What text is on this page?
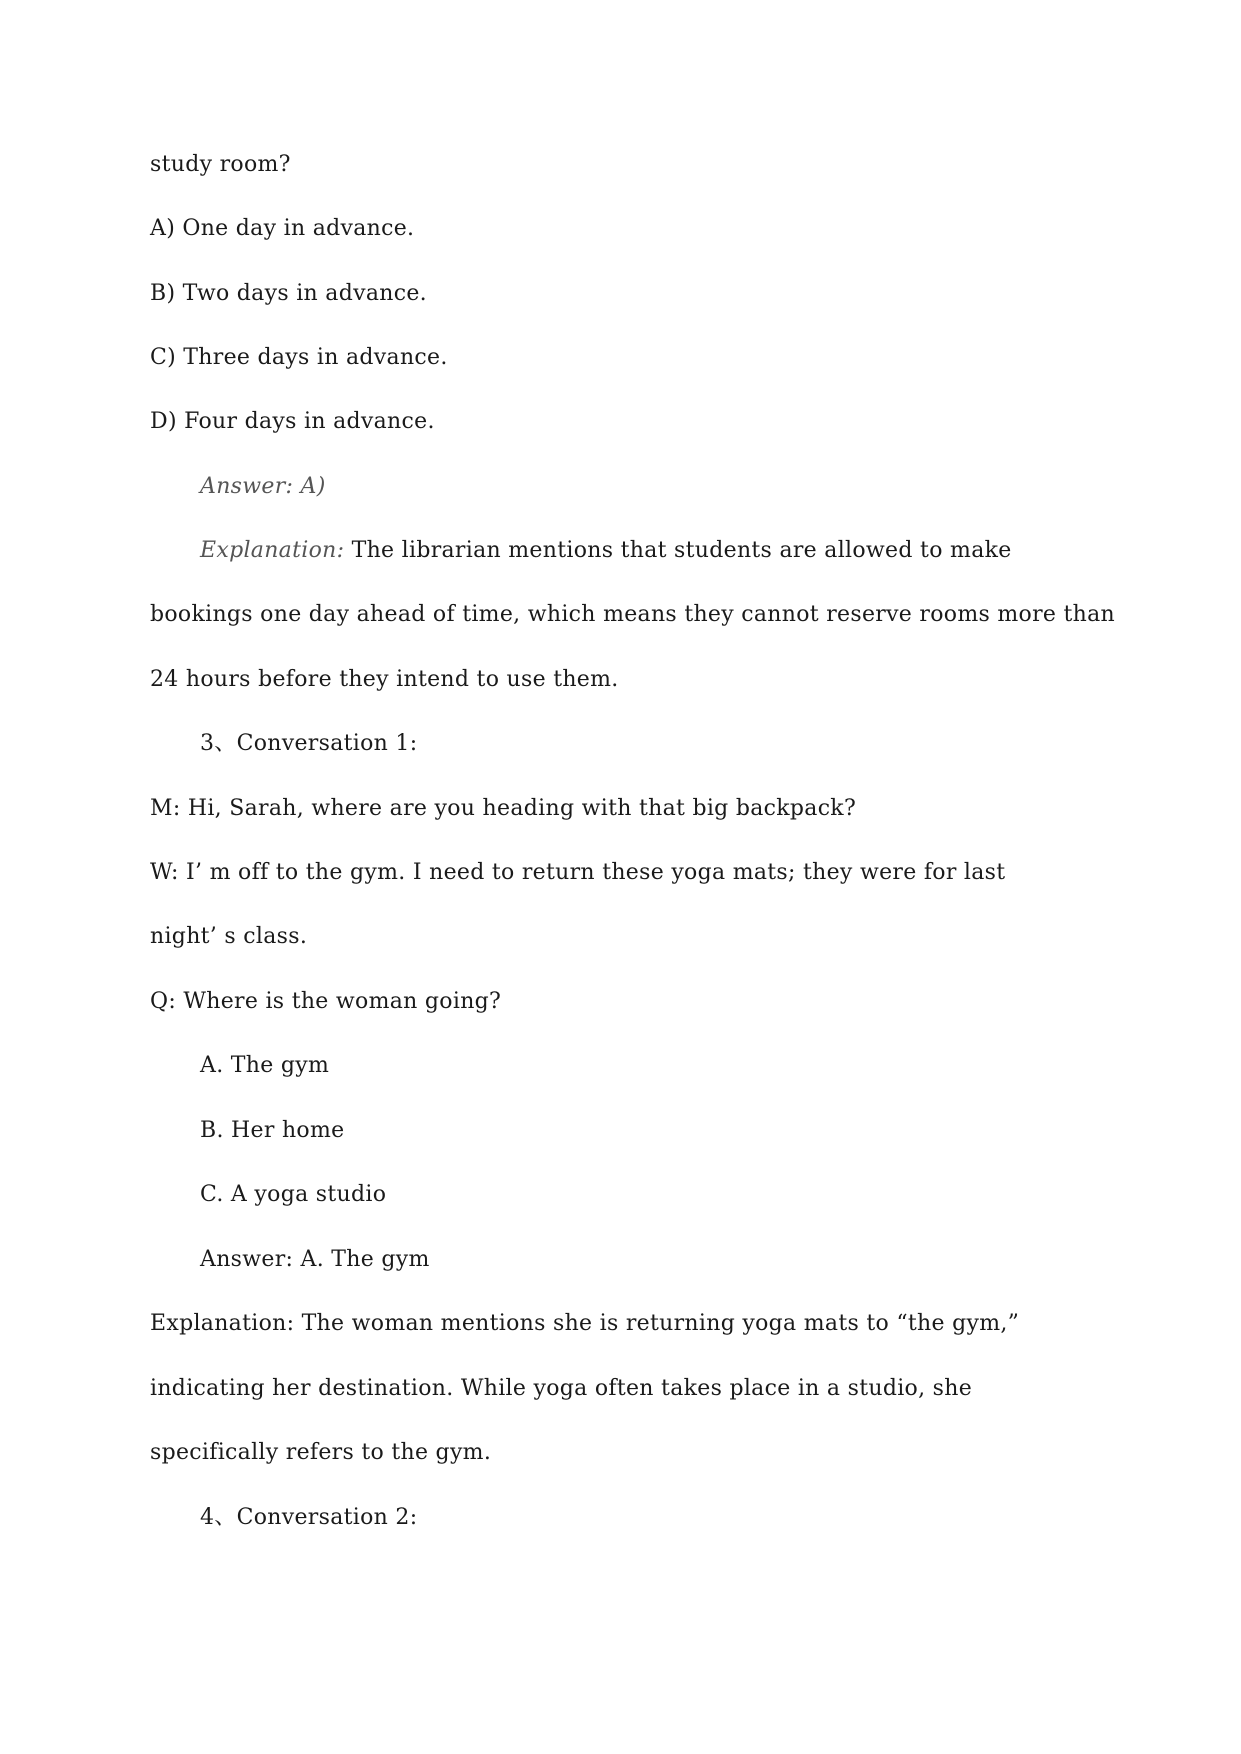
study room?
A) One day in advance.
B) Two days in advance.
C) Three days in advance.
D) Four days in advance.
Answer: A)
Explanation: The librarian mentions that students are allowed to make
bookings one day ahead of time, which means they cannot reserve rooms more than
24 hours before they intend to use them.
3、Conversation 1:
M: Hi, Sarah, where are you heading with that big backpack?
W: I’ m off to the gym. I need to return these yoga mats; they were for last
night’ s class.
Q: Where is the woman going?
A. The gym
B. Her home
C. A yoga studio
Answer: A. The gym
Explanation: The woman mentions she is returning yoga mats to “the gym,”
indicating her destination. While yoga often takes place in a studio, she
specifically refers to the gym.
4、Conversation 2:
